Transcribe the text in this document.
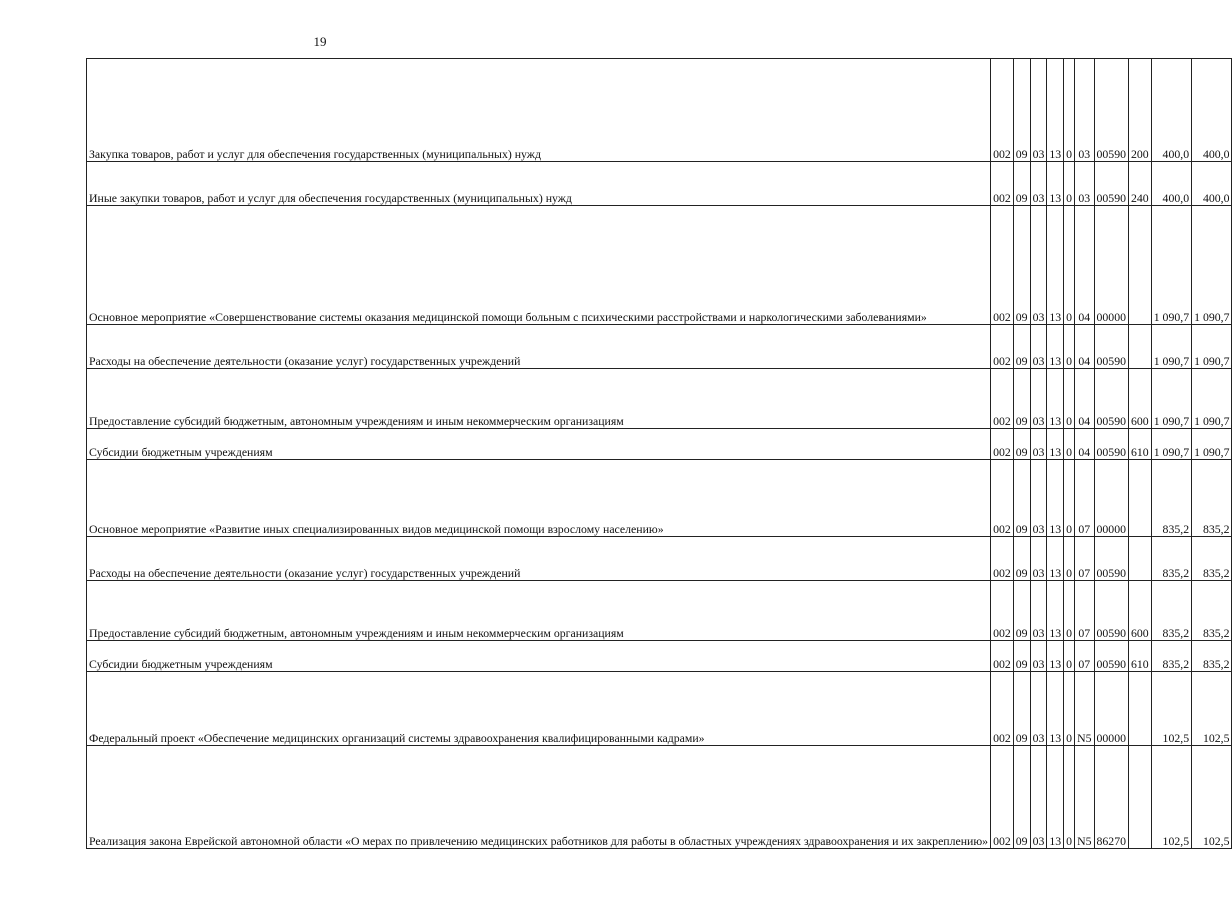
19
Закупка товаров, работ и услуг для обеспечения государственных (муниципальных) нужд	002	09	03	13	0	03	00590	200	400,0	400,0
Иные закупки товаров, работ и услуг для обеспечения государственных (муниципальных) нужд	002	09	03	13	0	03	00590	240	400,0	400,0
Основное мероприятие «Совершенствование системы оказания медицинской помощи больным с психическими расстройствами и наркологическими заболеваниями»	002	09	03	13	0	04	00000		1 090,7	1 090,7
Расходы на обеспечение деятельности (оказание услуг) государственных учреждений	002	09	03	13	0	04	00590		1 090,7	1 090,7
Предоставление субсидий бюджетным, автономным учреждениям и иным некоммерческим организациям	002	09	03	13	0	04	00590	600	1 090,7	1 090,7
Субсидии бюджетным учреждениям	002	09	03	13	0	04	00590	610	1 090,7	1 090,7
Основное мероприятие «Развитие иных специализированных видов медицинской помощи взрослому населению»	002	09	03	13	0	07	00000		835,2	835,2
Расходы на обеспечение деятельности (оказание услуг) государственных учреждений	002	09	03	13	0	07	00590		835,2	835,2
Предоставление субсидий бюджетным, автономным учреждениям и иным некоммерческим организациям	002	09	03	13	0	07	00590	600	835,2	835,2
Субсидии бюджетным учреждениям	002	09	03	13	0	07	00590	610	835,2	835,2
Федеральный проект «Обеспечение медицинских организаций системы здравоохранения квалифицированными кадрами»	002	09	03	13	0	N5	00000		102,5	102,5
Реализация закона Еврейской автономной области «О мерах по привлечению медицинских работников для работы в областных учреждениях здравоохранения и их закреплению»	002	09	03	13	0	N5	86270		102,5	102,5
